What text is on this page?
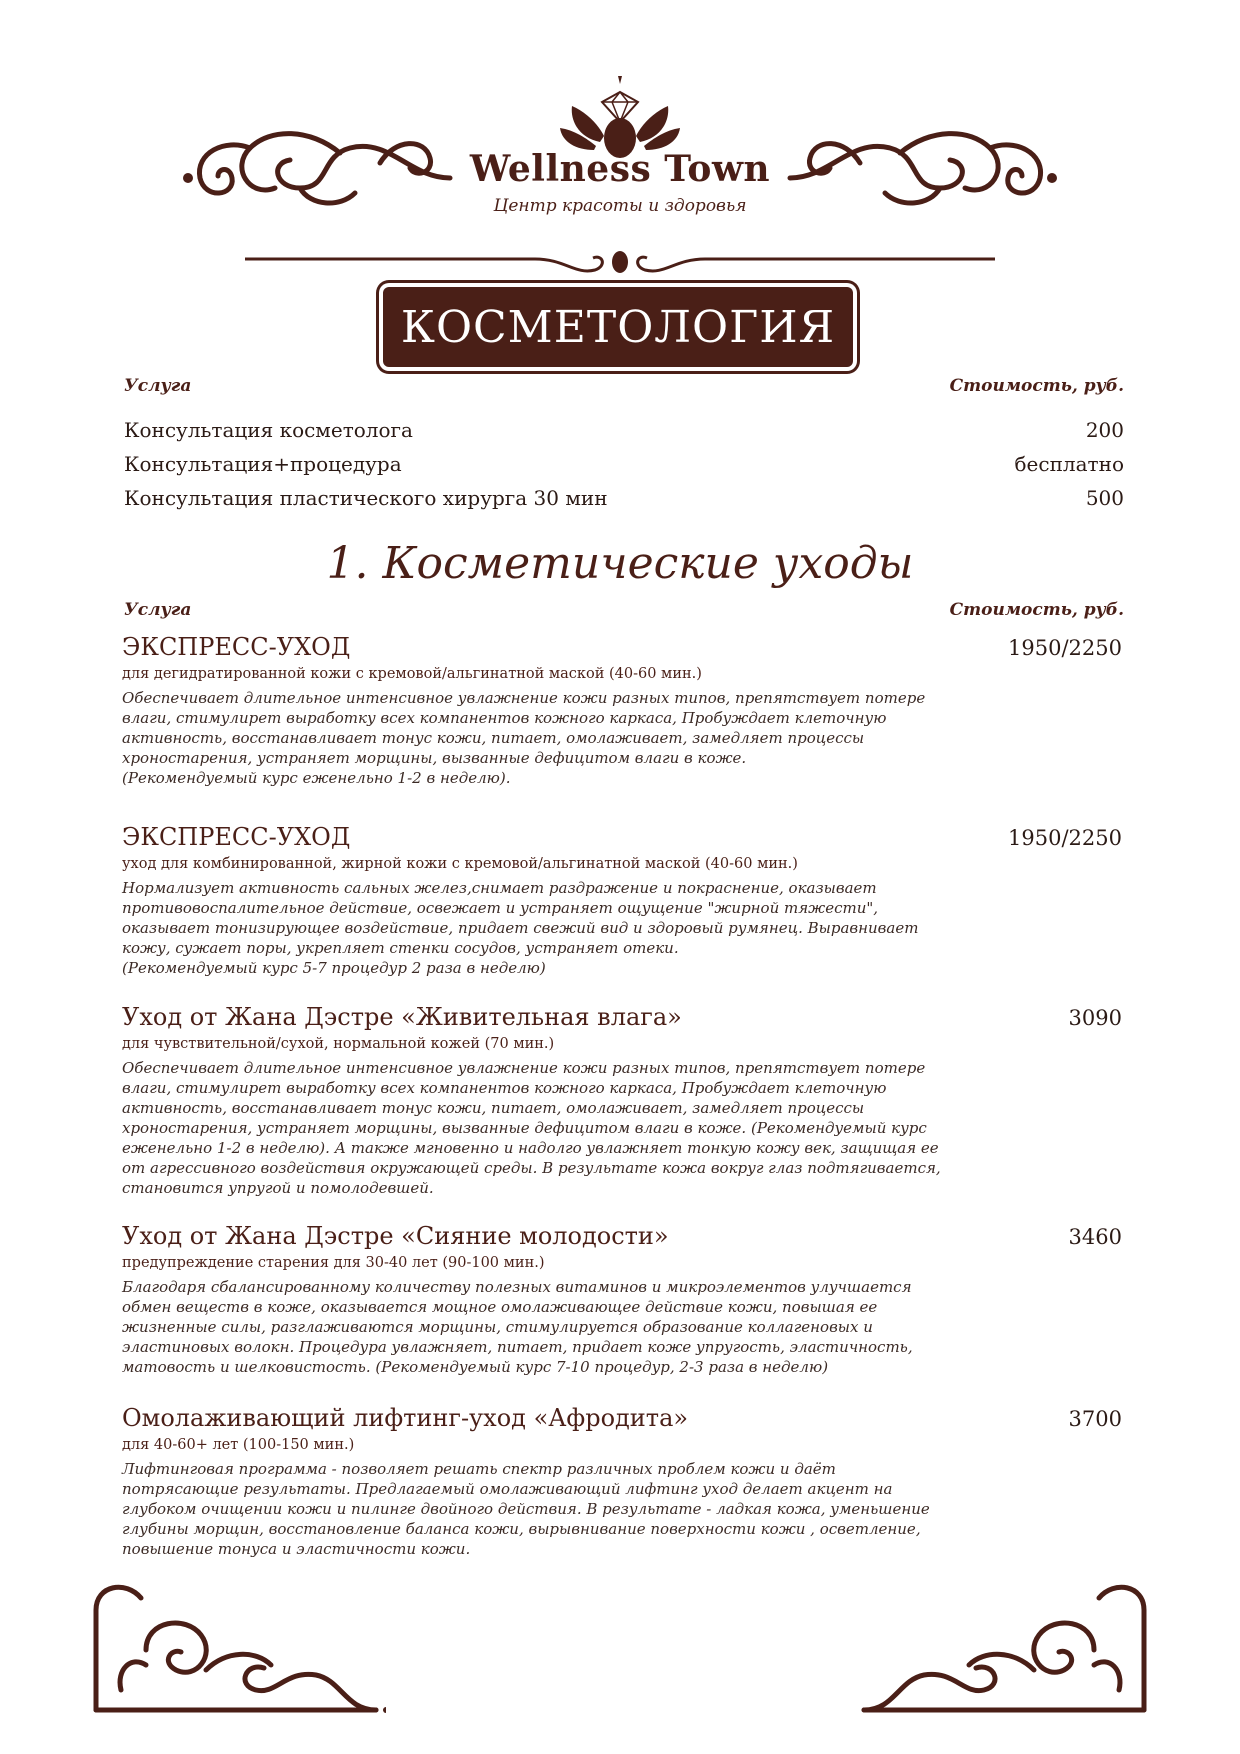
Wellness Town
Центр красоты и здоровья
КОСМЕТОЛОГИЯ
Услуга	Стоимость, руб.
Консультация косметолога	200
Консультация+процедура	бесплатно
Консультация пластического хирурга 30 мин	500
1. Косметические уходы
Услуга	Стоимость, руб.
ЭКСПРЕСС-УХОД	1950/2250
для дегидратированной кожи с кремовой/альгинатной маской (40-60 мин.)
Обеспечивает длительное интенсивное увлажнение кожи разных типов, препятствует потере
влаги, стимулирет выработку всех компанентов кожного каркаса, Пробуждает клеточную
активность, восстанавливает тонус кожи, питает, омолаживает, замедляет процессы
хроностарения, устраняет морщины, вызванные дефицитом влаги в коже.
(Рекомендуемый курс еженельно 1-2 в неделю).
ЭКСПРЕСС-УХОД	1950/2250
уход для комбинированной, жирной кожи с кремовой/альгинатной маской (40-60 мин.)
Нормализует активность сальных желез,снимает раздражение и покраснение, оказывает
противовоспалительное действие, освежает и устраняет ощущение "жирной тяжести",
оказывает тонизирующее воздействие, придает свежий вид и здоровый румянец. Выравнивает
кожу, сужает поры, укрепляет стенки сосудов, устраняет отеки.
(Рекомендуемый курс 5-7 процедур 2 раза в неделю)
Уход от Жана Дэстре «Живительная влага»	3090
для чувствительной/сухой, нормальной кожей (70 мин.)
Обеспечивает длительное интенсивное увлажнение кожи разных типов, препятствует потере
влаги, стимулирет выработку всех компанентов кожного каркаса, Пробуждает клеточную
активность, восстанавливает тонус кожи, питает, омолаживает, замедляет процессы
хроностарения, устраняет морщины, вызванные дефицитом влаги в коже. (Рекомендуемый курс
еженельно 1-2 в неделю). А также мгновенно и надолго увлажняет тонкую кожу век, защищая ее
от агрессивного воздействия окружающей среды. В результате кожа вокруг глаз подтягивается,
становится упругой и помолодевшей.
Уход от Жана Дэстре «Сияние молодости»	3460
предупреждение старения для 30-40 лет (90-100 мин.)
Благодаря сбалансированному количеству полезных витаминов и микроэлементов улучшается
обмен веществ в коже, оказывается мощное омолаживающее действие кожи, повышая ее
жизненные силы, разглаживаются морщины, стимулируется образование коллагеновых и
эластиновых волокн. Процедура увлажняет, питает, придает коже упругость, эластичность,
матовость и шелковистость. (Рекомендуемый курс 7-10 процедур, 2-3 раза в неделю)
Омолаживающий лифтинг-уход «Афродита»	3700
для 40-60+ лет (100-150 мин.)
Лифтинговая программа - позволяет решать спектр различных проблем кожи и даёт
потрясающие результаты. Предлагаемый омолаживающий лифтинг уход делает акцент на
глубоком очищении кожи и пилинге двойного действия. В результате - ладкая кожа, уменьшение
глубины морщин, восстановление баланса кожи, вырывнивание поверхности кожи , осветление,
повышение тонуса и эластичности кожи.
